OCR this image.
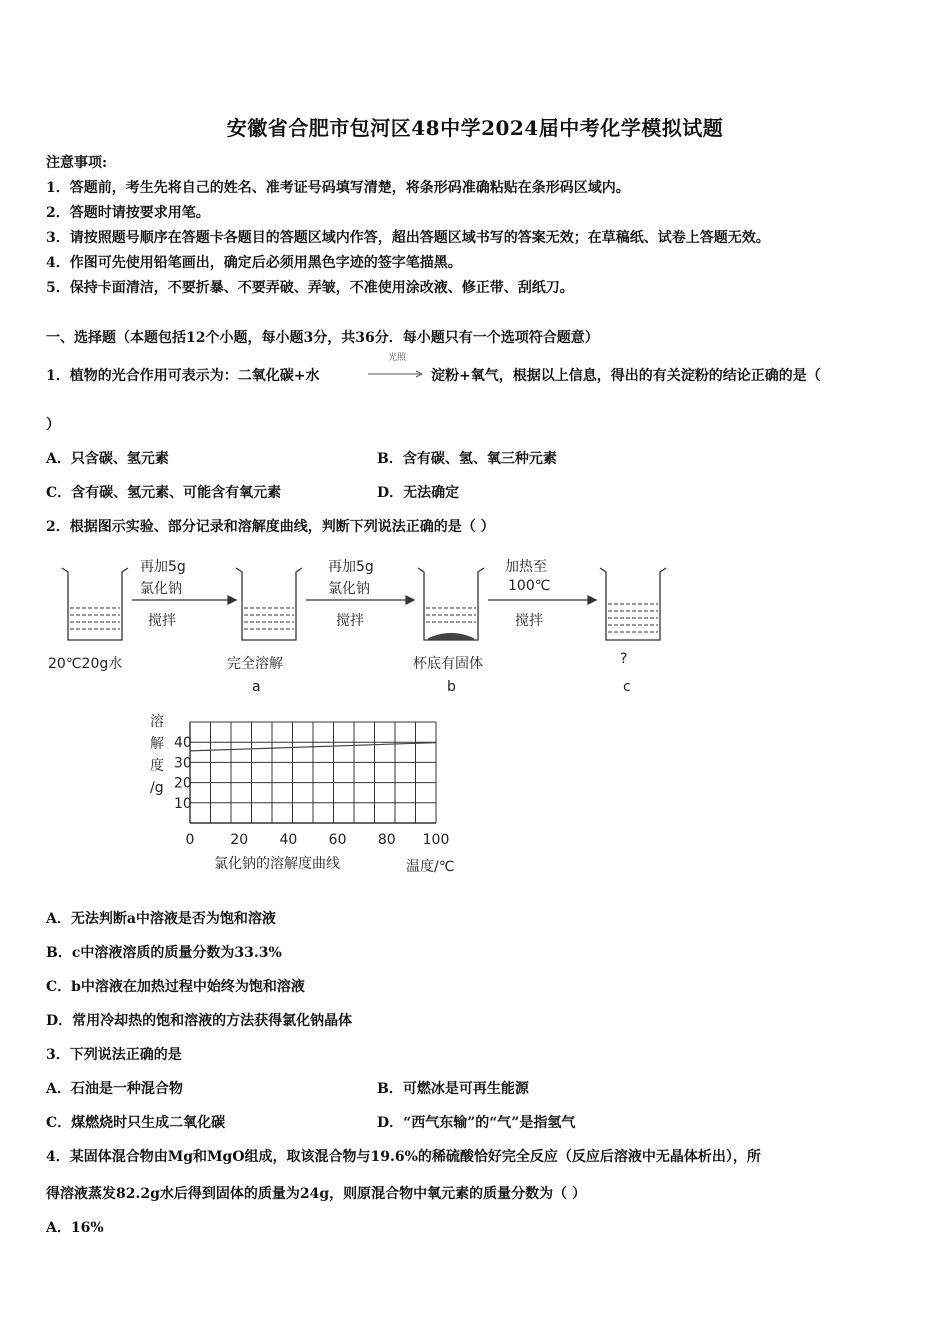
安徽省合肥市包河区48中学2024届中考化学模拟试题
注意事项:
1．答题前，考生先将自己的姓名、准考证号码填写清楚，将条形码准确粘贴在条形码区域内。
2．答题时请按要求用笔。
3．请按照题号顺序在答题卡各题目的答题区域内作答，超出答题区域书写的答案无效；在草稿纸、试卷上答题无效。
4．作图可先使用铅笔画出，确定后必须用黑色字迹的签字笔描黑。
5．保持卡面清洁，不要折暴、不要弄破、弄皱，不准使用涂改液、修正带、刮纸刀。
一、选择题（本题包括12个小题，每小题3分，共36分．每小题只有一个选项符合题意）
1．植物的光合作用可表示为：二氧化碳+水
光照
淀粉+氧气，根据以上信息，得出的有关淀粉的结论正确的是（
）
A．只含碳、氢元素	B．含有碳、氢、氧三种元素
C．含有碳、氢元素、可能含有氧元素	D．无法确定
2．根据图示实验、部分记录和溶解度曲线，判断下列说法正确的是（ ）
再加5g
氯化钠
搅拌
再加5g
氯化钠
搅拌
加热至
100℃
搅拌
20℃20g水	完全溶解	杯底有固体	?
a	b	c
溶
解
度
/g
40
30
20
10
0	20 40 60 80 100
氯化钠的溶解度曲线	温度/℃
A．无法判断a中溶液是否为饱和溶液
B．c中溶液溶质的质量分数为33.3%
C．b中溶液在加热过程中始终为饱和溶液
D．常用冷却热的饱和溶液的方法获得氯化钠晶体
3．下列说法正确的是
A．石油是一种混合物	B．可燃冰是可再生能源
C．煤燃烧时只生成二氧化碳	D．“西气东输”的“气”是指氢气
4．某固体混合物由Mg和MgO组成，取该混合物与19.6%的稀硫酸恰好完全反应（反应后溶液中无晶体析出），所
得溶液蒸发82.2g水后得到固体的质量为24g，则原混合物中氧元素的质量分数为（ ）
A．16%
